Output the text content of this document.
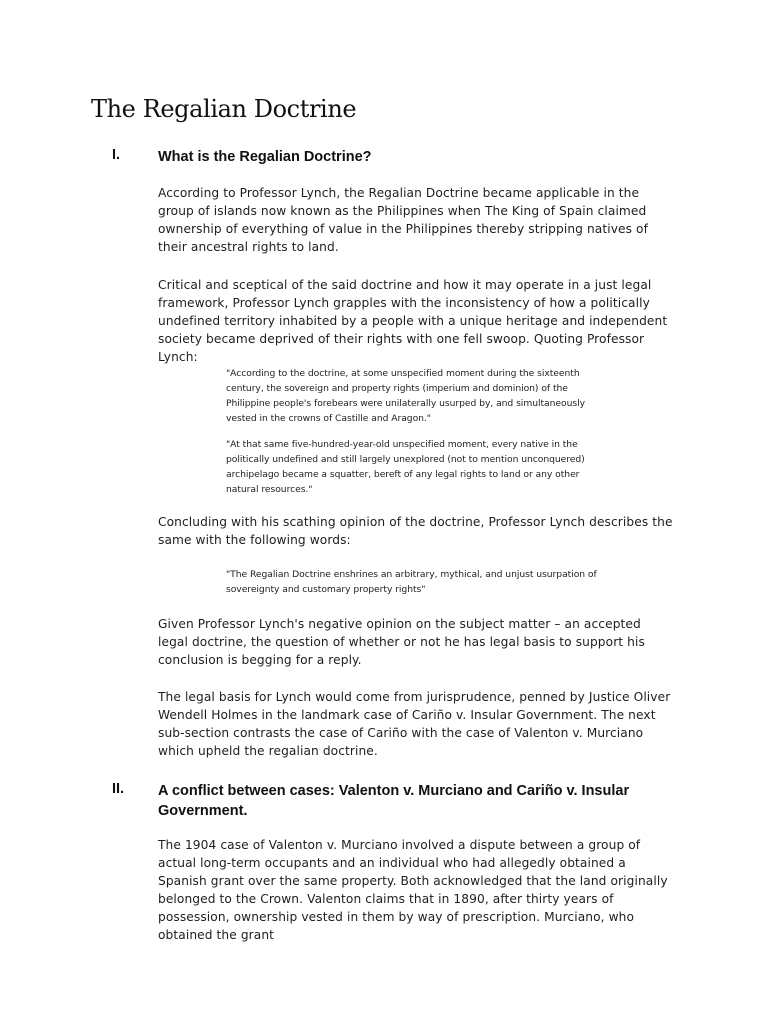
The Regalian Doctrine
I.	What is the Regalian Doctrine?

According to Professor Lynch, the Regalian Doctrine became applicable in the group of islands now known as the Philippines when The King of Spain claimed ownership of everything of value in the Philippines thereby stripping natives of their ancestral rights to land.

Critical and sceptical of the said doctrine and how it may operate in a just legal framework, Professor Lynch grapples with the inconsistency of how a politically undefined territory inhabited by a people with a unique heritage and independent society became deprived of their rights with one fell swoop. Quoting Professor Lynch:

"According to the doctrine, at some unspecified moment during the sixteenth century, the sovereign and property rights (imperium and dominion) of the Philippine people's forebears were unilaterally usurped by, and simultaneously vested in the crowns of Castille and Aragon."

"At that same five-hundred-year-old unspecified moment, every native in the politically undefined and still largely unexplored (not to mention unconquered) archipelago became a squatter, bereft of any legal rights to land or any other natural resources."

Concluding with his scathing opinion of the doctrine, Professor Lynch describes the same with the following words:

"The Regalian Doctrine enshrines an arbitrary, mythical, and unjust usurpation of sovereignty and customary property rights"

Given Professor Lynch's negative opinion on the subject matter – an accepted legal doctrine, the question of whether or not he has legal basis to support his conclusion is begging for a reply.

The legal basis for Lynch would come from jurisprudence, penned by Justice Oliver Wendell Holmes in the landmark case of Cariño v. Insular Government. The next sub-section contrasts the case of Cariño with the case of Valenton v. Murciano which upheld the regalian doctrine.

II. A conflict between cases: Valenton v. Murciano and Cariño v. Insular Government.

The 1904 case of Valenton v. Murciano involved a dispute between a group of actual long-term occupants and an individual who had allegedly obtained a Spanish grant over the same property. Both acknowledged that the land originally belonged to the Crown. Valenton claims that in 1890, after thirty years of possession, ownership vested in them by way of prescription. Murciano, who obtained the grant
